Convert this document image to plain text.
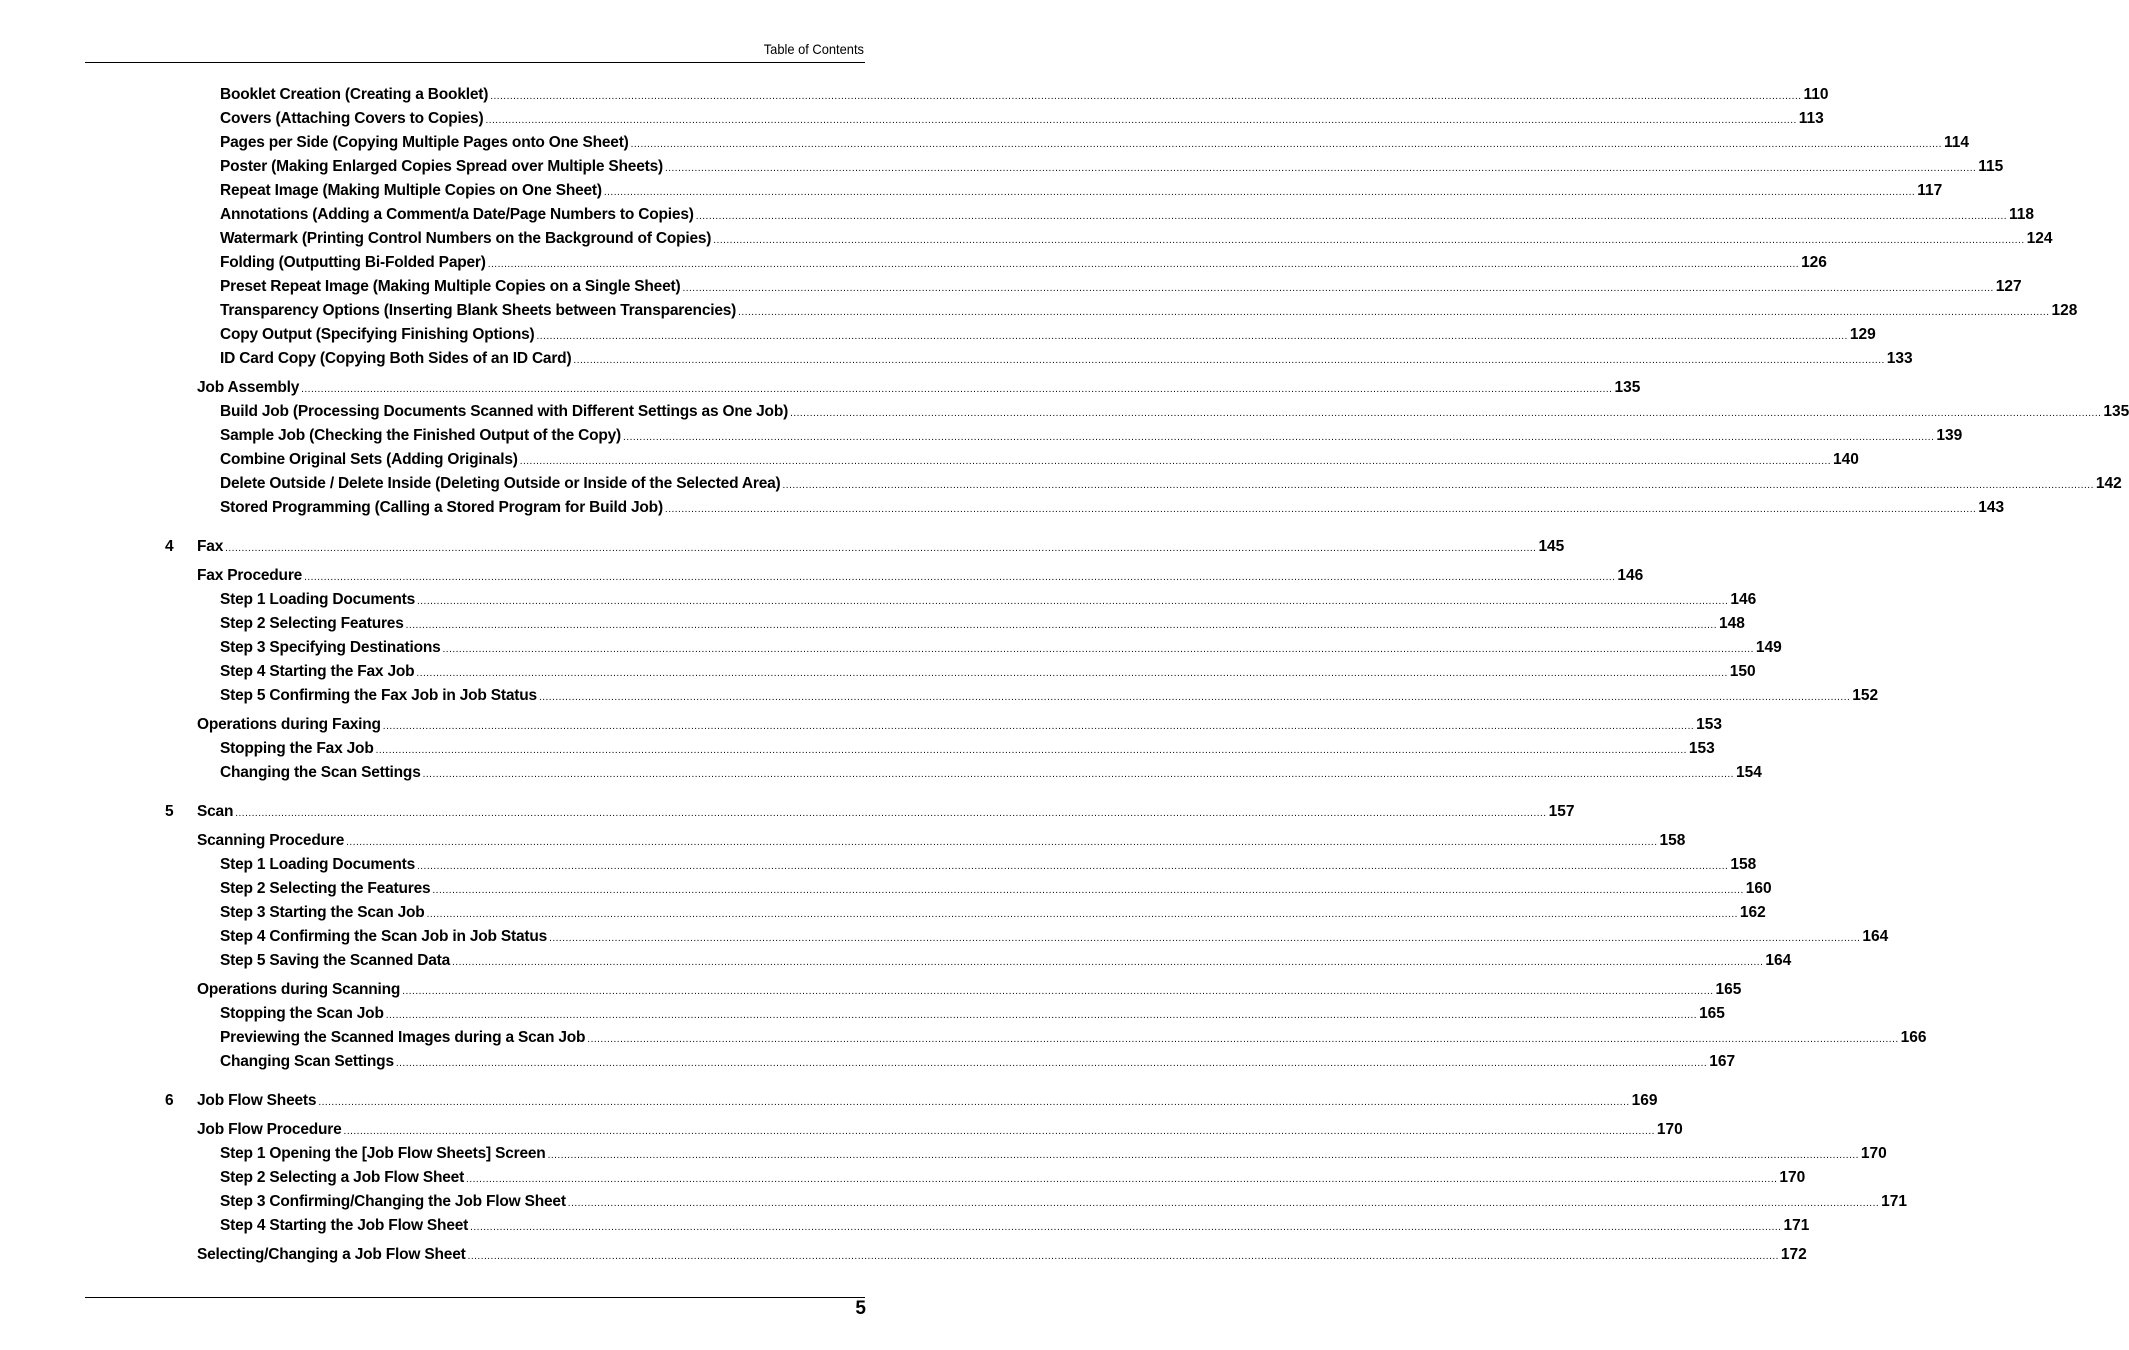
Table of Contents
Booklet Creation (Creating a Booklet) ................................................................................................................................................................................................................................................................................................................................................................................................................ 110
Covers (Attaching Covers to Copies) ................................................................................................................................................................................................................................................................................................................................................................................................................ 113
Pages per Side (Copying Multiple Pages onto One Sheet) ................................................................................................................................................................................................................................................................................................................................................................................................................ 114
Poster (Making Enlarged Copies Spread over Multiple Sheets) ................................................................................................................................................................................................................................................................................................................................................................................................................ 115
Repeat Image (Making Multiple Copies on One Sheet) ................................................................................................................................................................................................................................................................................................................................................................................................................ 117
Annotations (Adding a Comment/a Date/Page Numbers to Copies) ................................................................................................................................................................................................................................................................................................................................................................................................................ 118
Watermark (Printing Control Numbers on the Background of Copies) ................................................................................................................................................................................................................................................................................................................................................................................................................ 124
Folding (Outputting Bi-Folded Paper) ................................................................................................................................................................................................................................................................................................................................................................................................................ 126
Preset Repeat Image (Making Multiple Copies on a Single Sheet) ................................................................................................................................................................................................................................................................................................................................................................................................................ 127
Transparency Options (Inserting Blank Sheets between Transparencies) ................................................................................................................................................................................................................................................................................................................................................................................................................ 128
Copy Output (Specifying Finishing Options) ................................................................................................................................................................................................................................................................................................................................................................................................................ 129
ID Card Copy (Copying Both Sides of an ID Card) ................................................................................................................................................................................................................................................................................................................................................................................................................ 133
Job Assembly ................................................................................................................................................................................................................................................................................................................................................................................................................ 135
Build Job (Processing Documents Scanned with Different Settings as One Job) ................................................................................................................................................................................................................................................................................................................................................................................................................ 135
Sample Job (Checking the Finished Output of the Copy) ................................................................................................................................................................................................................................................................................................................................................................................................................ 139
Combine Original Sets (Adding Originals) ................................................................................................................................................................................................................................................................................................................................................................................................................ 140
Delete Outside / Delete Inside (Deleting Outside or Inside of the Selected Area) ................................................................................................................................................................................................................................................................................................................................................................................................................ 142
Stored Programming (Calling a Stored Program for Build Job) ................................................................................................................................................................................................................................................................................................................................................................................................................ 143
Fax ................................................................................................................................................................................................................................................................................................................................................................................................................ 145
4
Fax Procedure ................................................................................................................................................................................................................................................................................................................................................................................................................ 146
Step 1 Loading Documents ................................................................................................................................................................................................................................................................................................................................................................................................................ 146
Step 2 Selecting Features ................................................................................................................................................................................................................................................................................................................................................................................................................ 148
Step 3 Specifying Destinations ................................................................................................................................................................................................................................................................................................................................................................................................................ 149
Step 4 Starting the Fax Job ................................................................................................................................................................................................................................................................................................................................................................................................................ 150
Step 5 Confirming the Fax Job in Job Status ................................................................................................................................................................................................................................................................................................................................................................................................................ 152
Operations during Faxing ................................................................................................................................................................................................................................................................................................................................................................................................................ 153
Stopping the Fax Job ................................................................................................................................................................................................................................................................................................................................................................................................................ 153
Changing the Scan Settings ................................................................................................................................................................................................................................................................................................................................................................................................................ 154
Scan ................................................................................................................................................................................................................................................................................................................................................................................................................ 157
5
Scanning Procedure ................................................................................................................................................................................................................................................................................................................................................................................................................ 158
Step 1 Loading Documents ................................................................................................................................................................................................................................................................................................................................................................................................................ 158
Step 2 Selecting the Features ................................................................................................................................................................................................................................................................................................................................................................................................................ 160
Step 3 Starting the Scan Job ................................................................................................................................................................................................................................................................................................................................................................................................................ 162
Step 4 Confirming the Scan Job in Job Status ................................................................................................................................................................................................................................................................................................................................................................................................................ 164
Step 5 Saving the Scanned Data ................................................................................................................................................................................................................................................................................................................................................................................................................ 164
Operations during Scanning ................................................................................................................................................................................................................................................................................................................................................................................................................ 165
Stopping the Scan Job ................................................................................................................................................................................................................................................................................................................................................................................................................ 165
Previewing the Scanned Images during a Scan Job ................................................................................................................................................................................................................................................................................................................................................................................................................ 166
Changing Scan Settings ................................................................................................................................................................................................................................................................................................................................................................................................................ 167
Job Flow Sheets ................................................................................................................................................................................................................................................................................................................................................................................................................ 169
6
Job Flow Procedure ................................................................................................................................................................................................................................................................................................................................................................................................................ 170
Step 1 Opening the [Job Flow Sheets] Screen ................................................................................................................................................................................................................................................................................................................................................................................................................ 170
Step 2 Selecting a Job Flow Sheet ................................................................................................................................................................................................................................................................................................................................................................................................................ 170
Step 3 Confirming/Changing the Job Flow Sheet ................................................................................................................................................................................................................................................................................................................................................................................................................ 171
Step 4 Starting the Job Flow Sheet ................................................................................................................................................................................................................................................................................................................................................................................................................ 171
Selecting/Changing a Job Flow Sheet ................................................................................................................................................................................................................................................................................................................................................................................................................ 172
5
